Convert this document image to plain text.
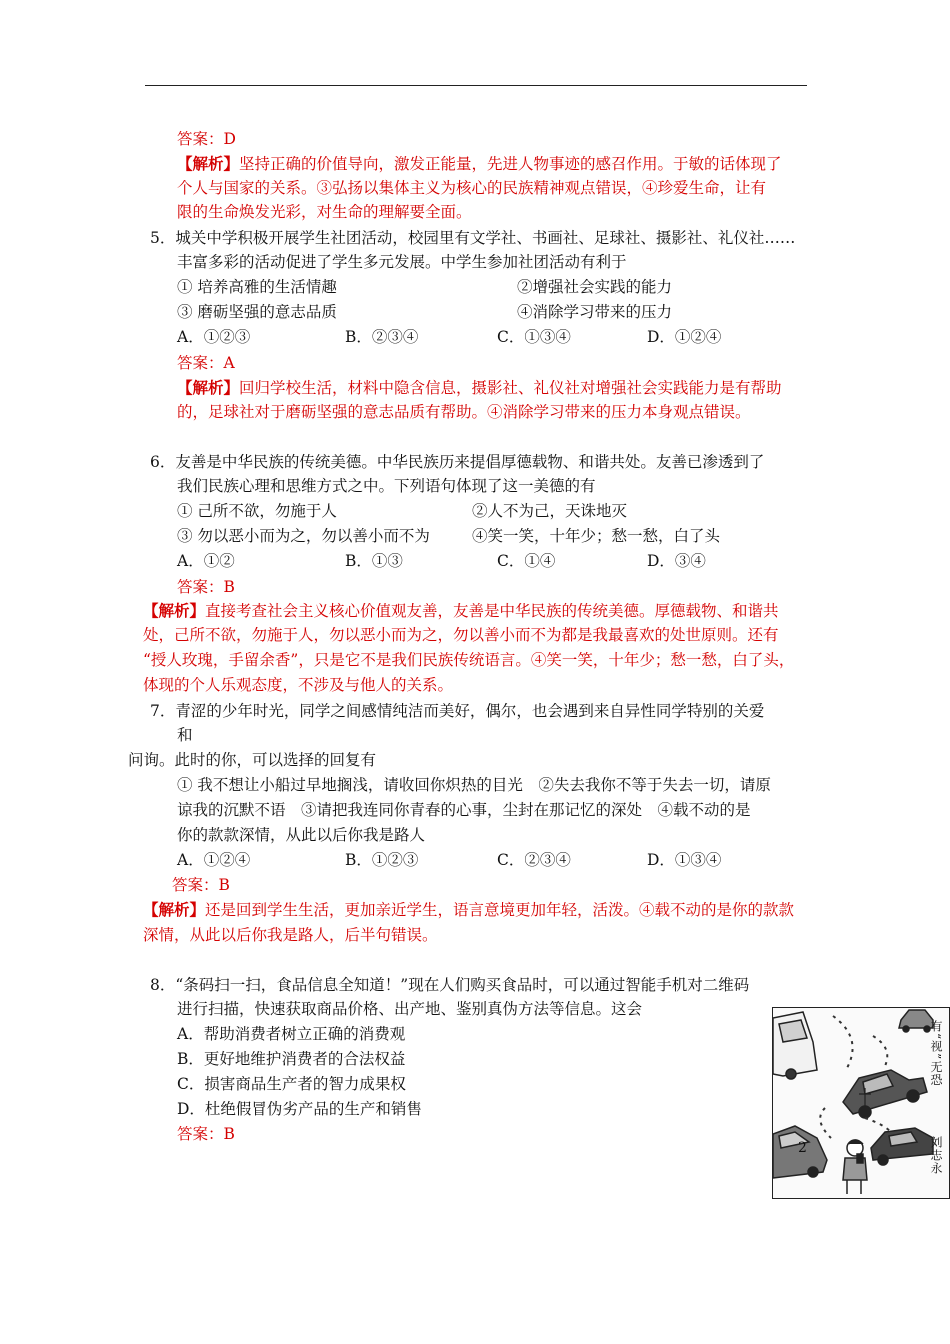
答案：D
【解析】坚持正确的价值导向，激发正能量，先进人物事迹的感召作用。于敏的话体现了
个人与国家的关系。③弘扬以集体主义为核心的民族精神观点错误，④珍爱生命，让有
限的生命焕发光彩，对生命的理解要全面。
5．城关中学积极开展学生社团活动，校园里有文学社、书画社、足球社、摄影社、礼仪社……
丰富多彩的活动促进了学生多元发展。中学生参加社团活动有利于
① 培养高雅的生活情趣	②增强社会实践的能力
③ 磨砺坚强的意志品质	④消除学习带来的压力
A．①②③	B．②③④	C．①③④	D．①②④
答案：A
【解析】回归学校生活，材料中隐含信息，摄影社、礼仪社对增强社会实践能力是有帮助
的，足球社对于磨砺坚强的意志品质有帮助。④消除学习带来的压力本身观点错误。
6．友善是中华民族的传统美德。中华民族历来提倡厚德载物、和谐共处。友善已渗透到了
我们民族心理和思维方式之中。下列语句体现了这一美德的有
① 己所不欲，勿施于人	②人不为己，天诛地灭
③ 勿以恶小而为之，勿以善小而不为	④笑一笑，十年少；愁一愁，白了头
A．①②	B．①③	C．①④	D．③④
答案：B
【解析】直接考查社会主义核心价值观友善，友善是中华民族的传统美德。厚德载物、和谐共
处，己所不欲，勿施于人，勿以恶小而为之，勿以善小而不为都是我最喜欢的处世原则。还有
“授人玫瑰，手留余香”，只是它不是我们民族传统语言。④笑一笑，十年少；愁一愁，白了头，
体现的个人乐观态度，不涉及与他人的关系。
7．青涩的少年时光，同学之间感情纯洁而美好，偶尔，也会遇到来自异性同学特别的关爱
和
问询。此时的你，可以选择的回复有
① 我不想让小船过早地搁浅，请收回你炽热的目光　②失去我你不等于失去一切，请原
谅我的沉默不语　③请把我连同你青春的心事，尘封在那记忆的深处　④载不动的是
你的款款深情，从此以后你我是路人
A．①②④	B．①②③	C．②③④	D．①③④
答案：B
【解析】还是回到学生生活，更加亲近学生，语言意境更加年轻，活泼。④载不动的是你的款款
深情，从此以后你我是路人，后半句错误。
8．“条码扫一扫，食品信息全知道！”现在人们购买食品时，可以通过智能手机对二维码
进行扫描，快速获取商品价格、出产地、鉴别真伪方法等信息。这会
A．帮助消费者树立正确的消费观
B．更好地维护消费者的合法权益
C．损害商品生产者的智力成果权
D．杜绝假冒伪劣产品的生产和销售
答案：B
有“视”无恐
刘志永
2
